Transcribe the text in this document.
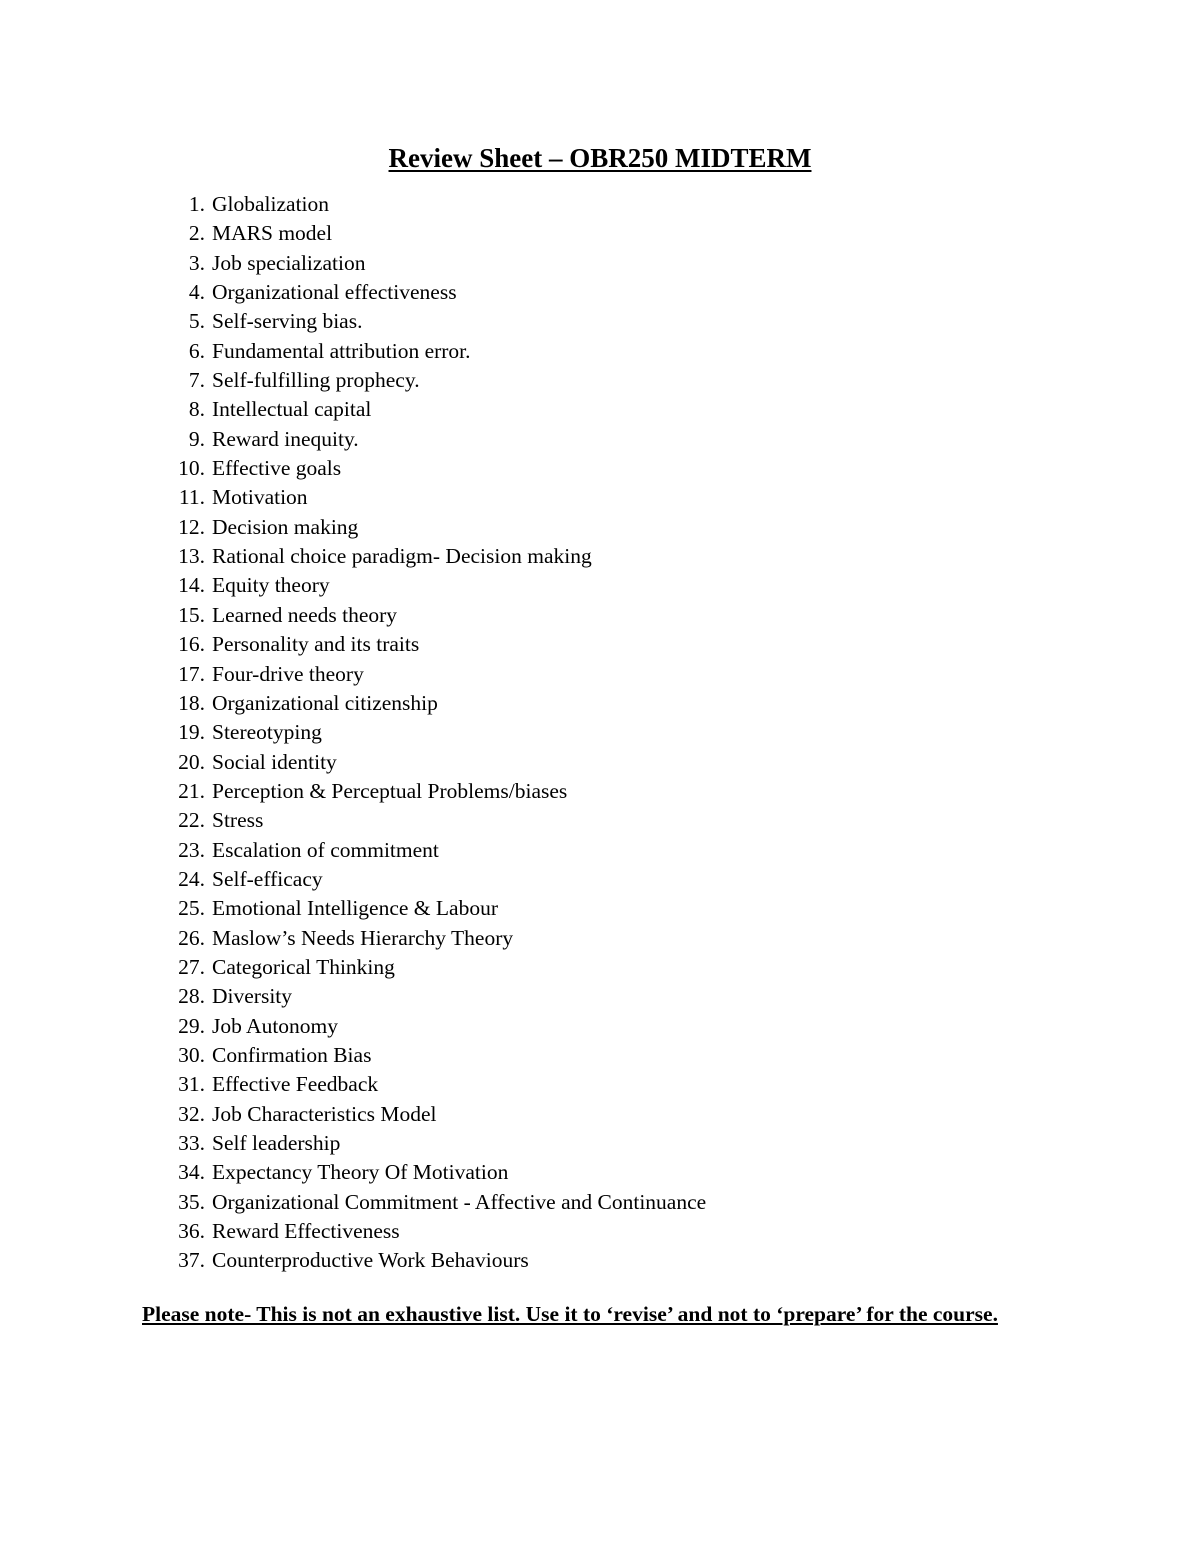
Review Sheet – OBR250 MIDTERM
1. Globalization
2. MARS model
3. Job specialization
4. Organizational effectiveness
5. Self-serving bias.
6. Fundamental attribution error.
7. Self-fulfilling prophecy.
8. Intellectual capital
9. Reward inequity.
10. Effective goals
11. Motivation
12. Decision making
13. Rational choice paradigm- Decision making
14. Equity theory
15. Learned needs theory
16. Personality and its traits
17. Four-drive theory
18. Organizational citizenship
19. Stereotyping
20. Social identity
21. Perception & Perceptual Problems/biases
22. Stress
23. Escalation of commitment
24. Self-efficacy
25. Emotional Intelligence & Labour
26. Maslow’s Needs Hierarchy Theory
27. Categorical Thinking
28. Diversity
29. Job Autonomy
30. Confirmation Bias
31. Effective Feedback
32. Job Characteristics Model
33. Self leadership
34. Expectancy Theory Of Motivation
35. Organizational Commitment - Affective and Continuance
36. Reward Effectiveness
37. Counterproductive Work Behaviours

Please note- This is not an exhaustive list. Use it to ‘revise’ and not to ‘prepare’ for the course.
